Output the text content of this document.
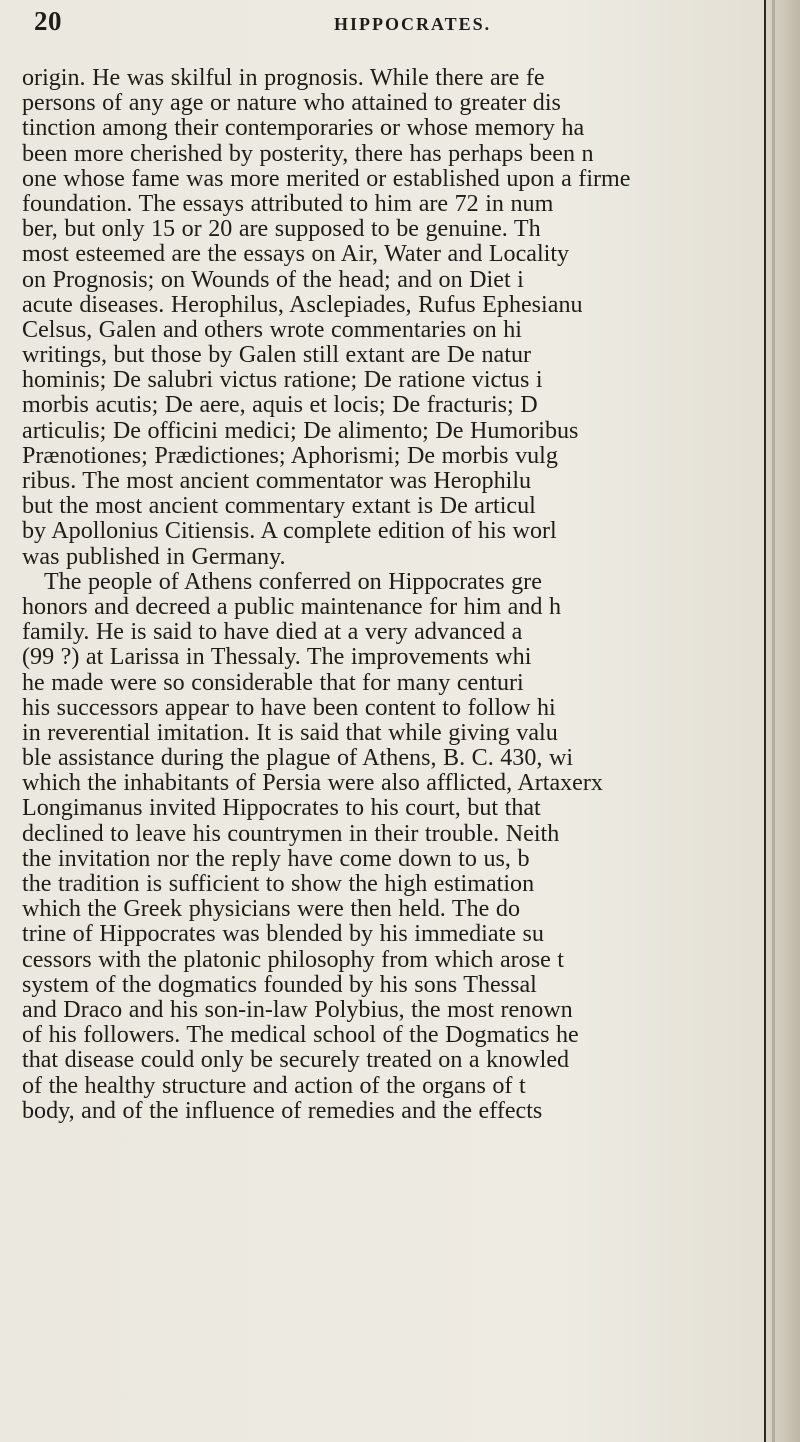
20	HIPPOCRATES.
origin. He was skilful in prognosis. While there are fe
persons of any age or nature who attained to greater dis
tinction among their contemporaries or whose memory ha
been more cherished by posterity, there has perhaps been n
one whose fame was more merited or established upon a firme
foundation. The essays attributed to him are 72 in num
ber, but only 15 or 20 are supposed to be genuine. Th
most esteemed are the essays on Air, Water and Locality
on Prognosis; on Wounds of the head; and on Diet i
acute diseases. Herophilus, Asclepiades, Rufus Ephesianu
Celsus, Galen and others wrote commentaries on hi
writings, but those by Galen still extant are De natur
hominis; De salubri victus ratione; De ratione victus i
morbis acutis; De aere, aquis et locis; De fracturis; D
articulis; De officini medici; De alimento; De Humoribus
Prænotiones; Prædictiones; Aphorismi; De morbis vulg
ribus. The most ancient commentator was Herophilu
but the most ancient commentary extant is De articul
by Apollonius Citiensis. A complete edition of his worl
was published in Germany.
The people of Athens conferred on Hippocrates gre
honors and decreed a public maintenance for him and h
family. He is said to have died at a very advanced a
(99 ?) at Larissa in Thessaly. The improvements whi
he made were so considerable that for many centuri
his successors appear to have been content to follow hi
in reverential imitation. It is said that while giving valu
ble assistance during the plague of Athens, B. C. 430, wi
which the inhabitants of Persia were also afflicted, Artaxerx
Longimanus invited Hippocrates to his court, but that
declined to leave his countrymen in their trouble. Neith
the invitation nor the reply have come down to us, b
the tradition is sufficient to show the high estimation
which the Greek physicians were then held. The do
trine of Hippocrates was blended by his immediate su
cessors with the platonic philosophy from which arose t
system of the dogmatics founded by his sons Thessal
and Draco and his son-in-law Polybius, the most renown
of his followers. The medical school of the Dogmatics he
that disease could only be securely treated on a knowled
of the healthy structure and action of the organs of t
body, and of the influence of remedies and the effects
